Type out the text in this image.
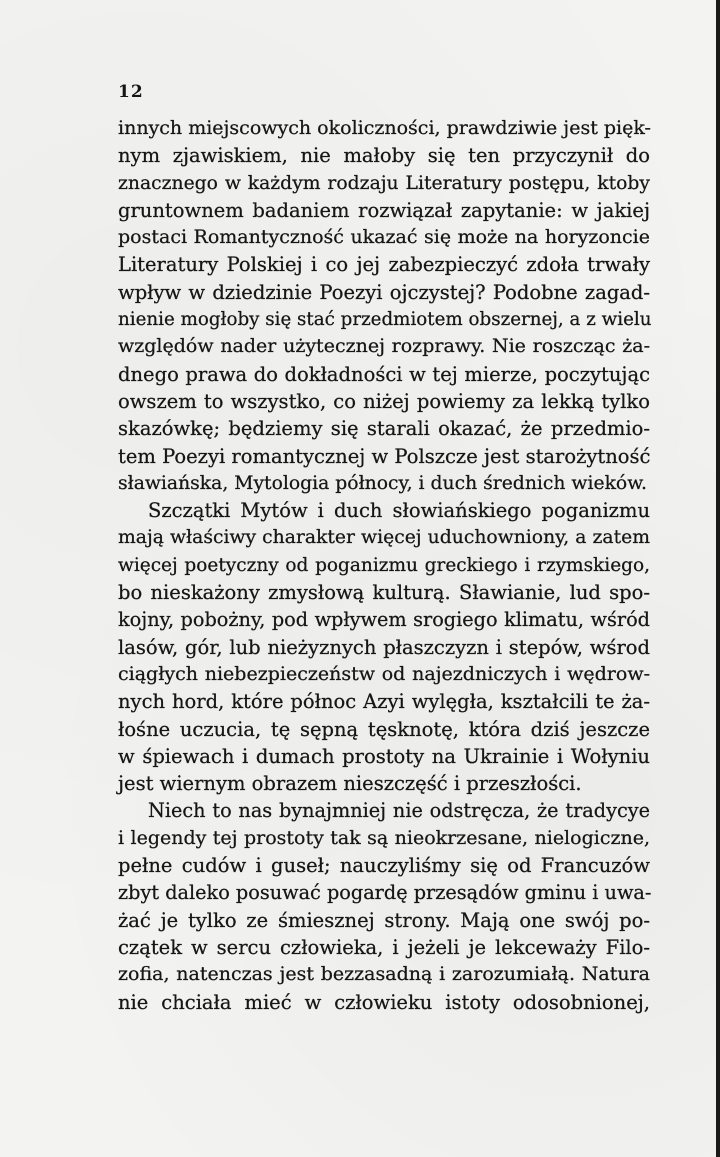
12
innych miejscowych okoliczności, prawdziwie jest pięk-
nym zjawiskiem, nie małoby się ten przyczynił do
znacznego w każdym rodzaju Literatury postępu, ktoby
gruntownem badaniem rozwiązał zapytanie: w jakiej
postaci Romantyczność ukazać się może na horyzoncie
Literatury Polskiej i co jej zabezpieczyć zdoła trwały
wpływ w dziedzinie Poezyi ojczystej? Podobne zagad-
nienie mogłoby się stać przedmiotem obszernej, a z wielu
względów nader użytecznej rozprawy. Nie roszcząc ża-
dnego prawa do dokładności w tej mierze, poczytując
owszem to wszystko, co niżej powiemy za lekką tylko
skazówkę; będziemy się starali okazać, że przedmio-
tem Poezyi romantycznej w Polszcze jest starożytność
sławiańska, Mytologia północy, i duch średnich wieków.
Szczątki Mytów i duch słowiańskiego poganizmu
mają właściwy charakter więcej uduchowniony, a zatem
więcej poetyczny od poganizmu greckiego i rzymskiego,
bo nieskażony zmysłową kulturą. Sławianie, lud spo-
kojny, pobożny, pod wpływem srogiego klimatu, wśród
lasów, gór, lub nieżyznych płaszczyzn i stepów, wśrod
ciągłych niebezpieczeństw od najezdniczych i wędrow-
nych hord, które północ Azyi wylęgła, kształcili te ża-
łośne uczucia, tę sępną tęsknotę, która dziś jeszcze
w śpiewach i dumach prostoty na Ukrainie i Wołyniu
jest wiernym obrazem nieszczęść i przeszłości.
Niech to nas bynajmniej nie odstręcza, że tradycye
i legendy tej prostoty tak są nieokrzesane, nielogiczne,
pełne cudów i guseł; nauczyliśmy się od Francuzów
zbyt daleko posuwać pogardę przesądów gminu i uwa-
żać je tylko ze śmiesznej strony. Mają one swój po-
czątek w sercu człowieka, i jeżeli je lekceważy Filo-
zofia, natenczas jest bezzasadną i zarozumiałą. Natura
nie chciała mieć w człowieku istoty odosobnionej,
